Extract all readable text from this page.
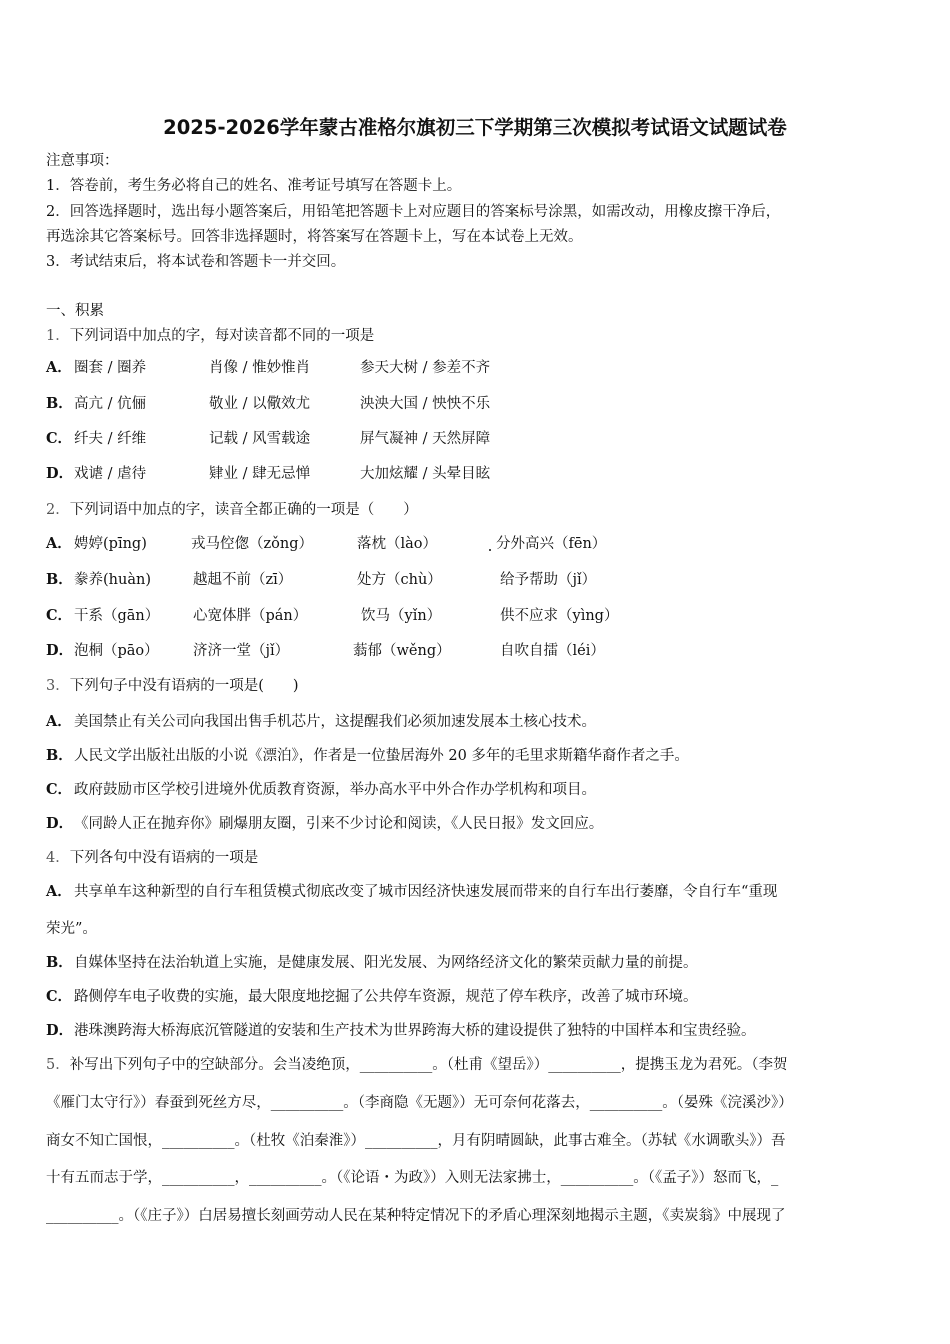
2025-2026学年蒙古准格尔旗初三下学期第三次模拟考试语文试题试卷
注意事项：
1．答卷前，考生务必将自己的姓名、准考证号填写在答题卡上。
2．回答选择题时，选出每小题答案后，用铅笔把答题卡上对应题目的答案标号涂黑，如需改动，用橡皮擦干净后，
再选涂其它答案标号。回答非选择题时，将答案写在答题卡上，写在本试卷上无效。
3．考试结束后，将本试卷和答题卡一并交回。
一、积累
1．下列词语中加点的字，每对读音都不同的一项是
A． 圈套 / 圈养	肖像 / 惟妙惟肖	参天大树 / 参差不齐
B． 高亢 / 伉俪	敬业 / 以儆效尤	泱泱大国 / 怏怏不乐
C． 纤夫 / 纤维	记载 / 风雪载途	屏气凝神 / 天然屏障
D． 戏谑 / 虐待	肄业 / 肆无忌惮	大加炫耀 / 头晕目眩
2．下列词语中加点的字，读音全都正确的一项是（　　）
A． 娉婷(pīng)	戎马倥偬（zǒng）	落枕（lào）	分外高兴（fēn）
B． 豢养(huàn)	越趄不前（zī）	处方（chù）	给予帮助（jǐ）
C． 干系（gān） 心宽体胖（pán）	饮马（yǐn）	供不应求（yìng）
D． 泡桐（pāo） 济济一堂（jǐ）	蓊郁（wěng）	自吹自擂（léi）
3．下列句子中没有语病的一项是(　　)
A． 美国禁止有关公司向我国出售手机芯片，这提醒我们必须加速发展本土核心技术。
B． 人民文学出版社出版的小说《漂泊》，作者是一位蛰居海外 20 多年的毛里求斯籍华裔作者之手。
C． 政府鼓励市区学校引进境外优质教育资源，举办高水平中外合作办学机构和项目。
D． 《同龄人正在抛弃你》刷爆朋友圈，引来不少讨论和阅读，《人民日报》发文回应。
4．下列各句中没有语病的一项是
A． 共享单车这种新型的自行车租赁模式彻底改变了城市因经济快速发展而带来的自行车出行萎靡，令自行车“重现
荣光”。
B． 自媒体坚持在法治轨道上实施，是健康发展、阳光发展、为网络经济文化的繁荣贡献力量的前提。
C． 路侧停车电子收费的实施，最大限度地挖掘了公共停车资源，规范了停车秩序，改善了城市环境。
D． 港珠澳跨海大桥海底沉管隧道的安装和生产技术为世界跨海大桥的建设提供了独特的中国样本和宝贵经验。
5．补写出下列句子中的空缺部分。会当凌绝顶，__________。（杜甫《望岳》）__________，提携玉龙为君死。（李贺
《雁门太守行》）春蚕到死丝方尽，__________。（李商隐《无题》）无可奈何花落去，__________。（晏殊《浣溪沙》）
商女不知亡国恨，__________。（杜牧《泊秦淮》）__________，月有阴晴圆缺，此事古难全。（苏轼《水调歌头》）吾
十有五而志于学，__________，__________。（《论语・为政》）入则无法家拂士，__________。（《孟子》）怒而飞，_
__________。（《庄子》）白居易擅长刻画劳动人民在某种特定情况下的矛盾心理深刻地揭示主题，《卖炭翁》中展现了
